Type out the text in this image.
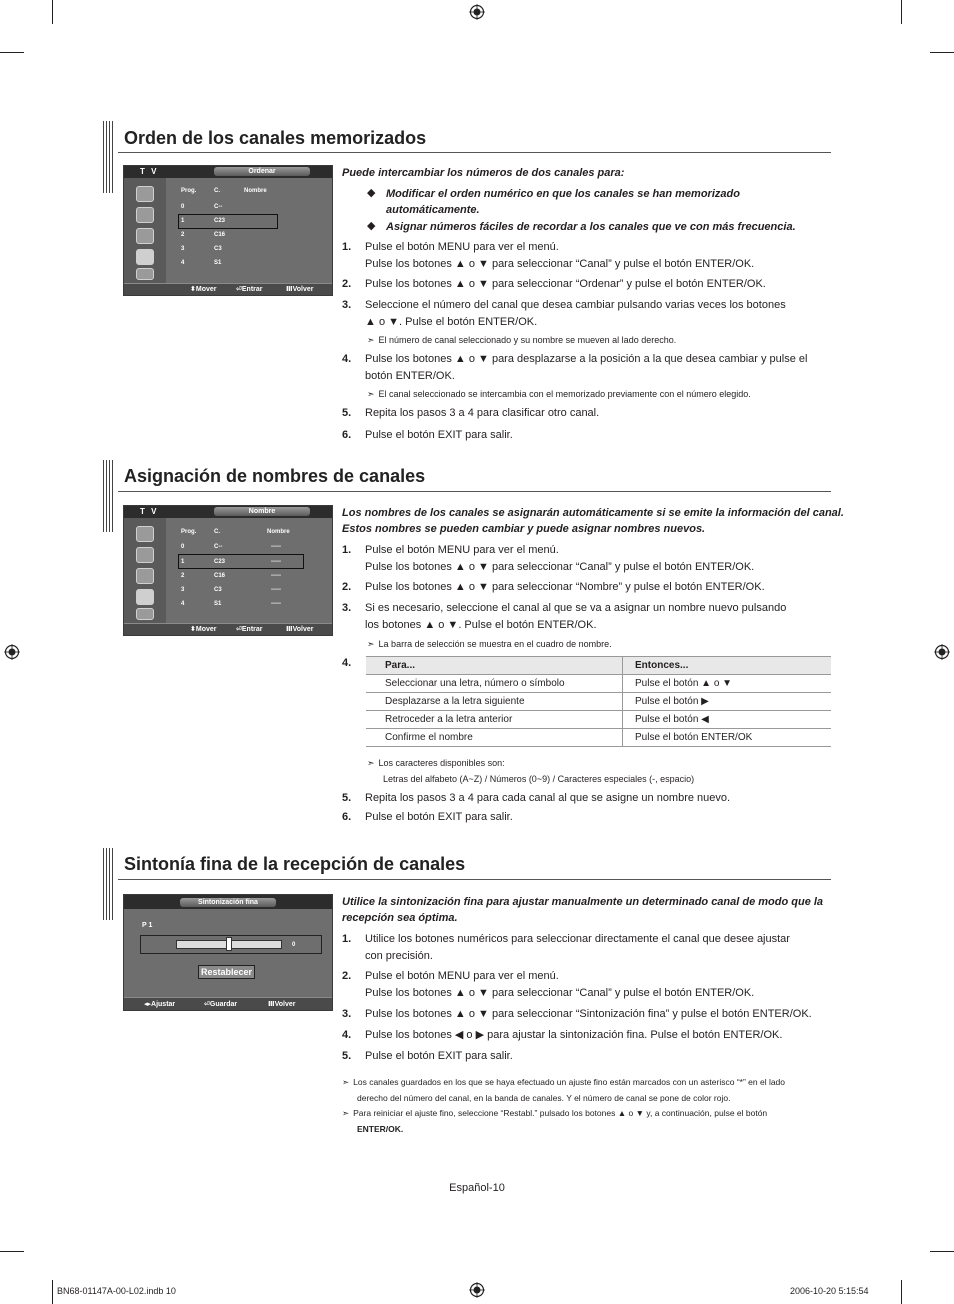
Orden de los canales memorizados
T V	Ordenar
Prog.	C.	Nombre
0	C--
1	C23
2	C16
3	C3
4	S1
⬍Mover	⏎Entrar	ⅢVolver
Puede intercambiar los números de dos canales para:
◆ Modificar el orden numérico en que los canales se han memorizado
automáticamente.
◆ Asignar números fáciles de recordar a los canales que ve con más frecuencia.
1. Pulse el botón MENU para ver el menú.
Pulse los botones ▲ o ▼ para seleccionar “Canal” y pulse el botón ENTER/OK.
2. Pulse los botones ▲ o ▼ para seleccionar “Ordenar” y pulse el botón ENTER/OK.
3. Seleccione el número del canal que desea cambiar pulsando varias veces los botones
▲ o ▼. Pulse el botón ENTER/OK.
➣ El número de canal seleccionado y su nombre se mueven al lado derecho.
4. Pulse los botones ▲ o ▼ para desplazarse a la posición a la que desea cambiar y pulse el
botón ENTER/OK.
➣ El canal seleccionado se intercambia con el memorizado previamente con el número elegido.
5. Repita los pasos 3 a 4 para clasificar otro canal.
6. Pulse el botón EXIT para salir.
Asignación de nombres de canales
T V	Nombre
Prog.	C.	Nombre
0	C--	-----
1	C23	-----
2	C16	-----
3	C3	-----
4	S1	-----
⬍Mover	⏎Entrar	ⅢVolver
Los nombres de los canales se asignarán automáticamente si se emite la información del canal.
Estos nombres se pueden cambiar y puede asignar nombres nuevos.
1. Pulse el botón MENU para ver el menú.
Pulse los botones ▲ o ▼ para seleccionar “Canal” y pulse el botón ENTER/OK.
2. Pulse los botones ▲ o ▼ para seleccionar “Nombre” y pulse el botón ENTER/OK.
3. Si es necesario, seleccione el canal al que se va a asignar un nombre nuevo pulsando
los botones ▲ o ▼. Pulse el botón ENTER/OK.
➣ La barra de selección se muestra en el cuadro de nombre.
4.	Para...	Entonces...
Seleccionar una letra, número o símbolo	Pulse el botón ▲ o ▼
Desplazarse a la letra siguiente	Pulse el botón ▶
Retroceder a la letra anterior	Pulse el botón ◀
Confirme el nombre	Pulse el botón ENTER/OK
➣ Los caracteres disponibles son:
Letras del alfabeto (A~Z) / Números (0~9) / Caracteres especiales (-, espacio)
5. Repita los pasos 3 a 4 para cada canal al que se asigne un nombre nuevo.
6. Pulse el botón EXIT para salir.
Sintonía fina de la recepción de canales
Sintonización fina
P 1
0
Restablecer
◂▸Ajustar	⏎Guardar	ⅢVolver
Utilice la sintonización fina para ajustar manualmente un determinado canal de modo que la
recepción sea óptima.
1. Utilice los botones numéricos para seleccionar directamente el canal que desee ajustar
con precisión.
2. Pulse el botón MENU para ver el menú.
Pulse los botones ▲ o ▼ para seleccionar “Canal” y pulse el botón ENTER/OK.
3. Pulse los botones ▲ o ▼ para seleccionar “Sintonización fina” y pulse el botón ENTER/OK.
4. Pulse los botones ◀ o ▶ para ajustar la sintonización fina. Pulse el botón ENTER/OK.
5. Pulse el botón EXIT para salir.
➣ Los canales guardados en los que se haya efectuado un ajuste fino están marcados con un asterisco “*” en el lado
derecho del número del canal, en la banda de canales. Y el número de canal se pone de color rojo.
➣ Para reiniciar el ajuste fino, seleccione “Restabl.” pulsado los botones ▲ o ▼ y, a continuación, pulse el botón
ENTER/OK.
Español-10
BN68-01147A-00-L02.indb 10	2006-10-20 5:15:54
